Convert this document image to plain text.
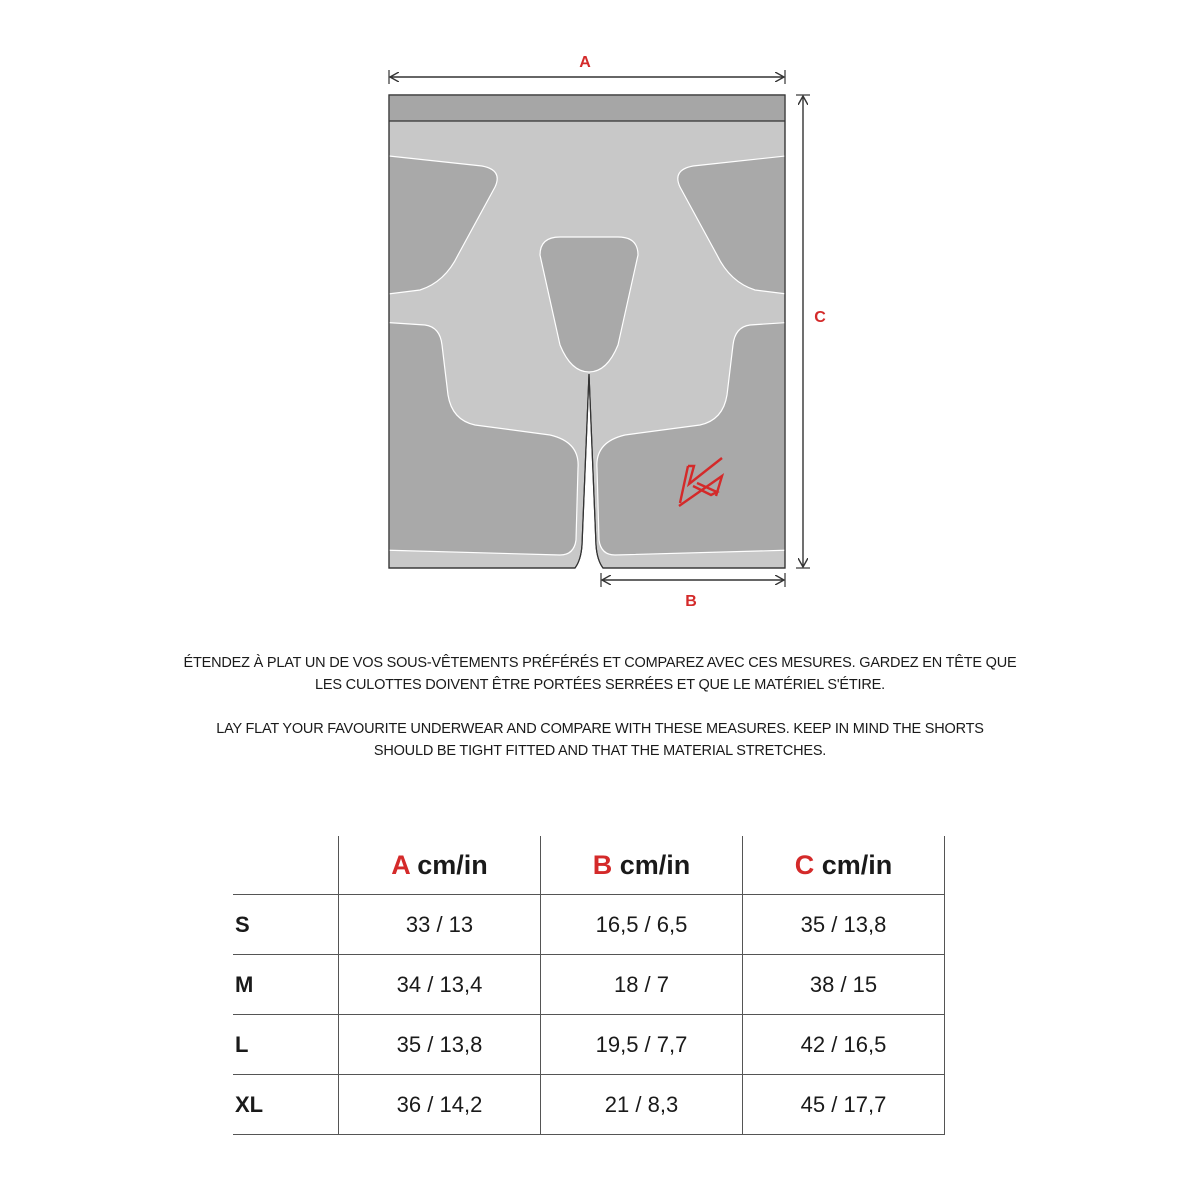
A
C
B
ÉTENDEZ À PLAT UN DE VOS SOUS-VÊTEMENTS PRÉFÉRÉS ET COMPAREZ AVEC CES MESURES. GARDEZ EN TÊTE QUE
LES CULOTTES DOIVENT ÊTRE PORTÉES SERRÉES ET QUE LE MATÉRIEL S'ÉTIRE.
LAY FLAT YOUR FAVOURITE UNDERWEAR AND COMPARE WITH THESE MEASURES. KEEP IN MIND THE SHORTS
SHOULD BE TIGHT FITTED AND THAT THE MATERIAL STRETCHES.
	A cm/in	B cm/in	C cm/in
S	33 / 13	16,5 / 6,5	35 / 13,8
M	34 / 13,4	18 / 7	38 / 15
L	35 / 13,8	19,5 / 7,7	42 / 16,5
XL	36 / 14,2	21 / 8,3	45 / 17,7
